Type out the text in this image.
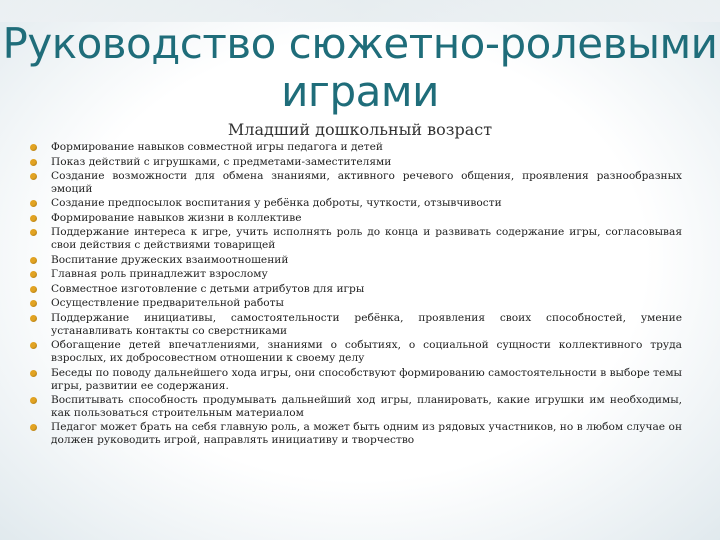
Руководство сюжетно-ролевыми играми
Младший дошкольный возраст
Формирование навыков совместной игры педагога и детей
Показ действий с игрушками, с предметами-заместителями
Создание возможности для обмена знаниями, активного речевого общения, проявления разнообразных эмоций
Создание предпосылок воспитания у ребёнка доброты, чуткости, отзывчивости
Формирование навыков жизни в коллективе
Поддержание интереса к игре, учить исполнять роль до конца и развивать содержание игры, согласовывая свои действия с действиями товарищей
Воспитание дружеских взаимоотношений
Главная роль принадлежит взрослому
Совместное изготовление с детьми атрибутов для игры
Осуществление предварительной работы
Поддержание инициативы, самостоятельности ребёнка, проявления своих способностей, умение устанавливать контакты со сверстниками
Обогащение детей впечатлениями, знаниями о событиях, о социальной сущности коллективного труда взрослых, их добросовестном отношении к своему делу
Беседы по поводу дальнейшего хода игры, они способствуют формированию самостоятельности в выборе темы игры, развитии ее содержания.
Воспитывать способность продумывать дальнейший ход игры, планировать, какие игрушки им необходимы, как пользоваться строительным материалом
Педагог может брать на себя главную роль, а может быть одним из рядовых участников, но в любом случае он должен руководить игрой, направлять инициативу и творчество
